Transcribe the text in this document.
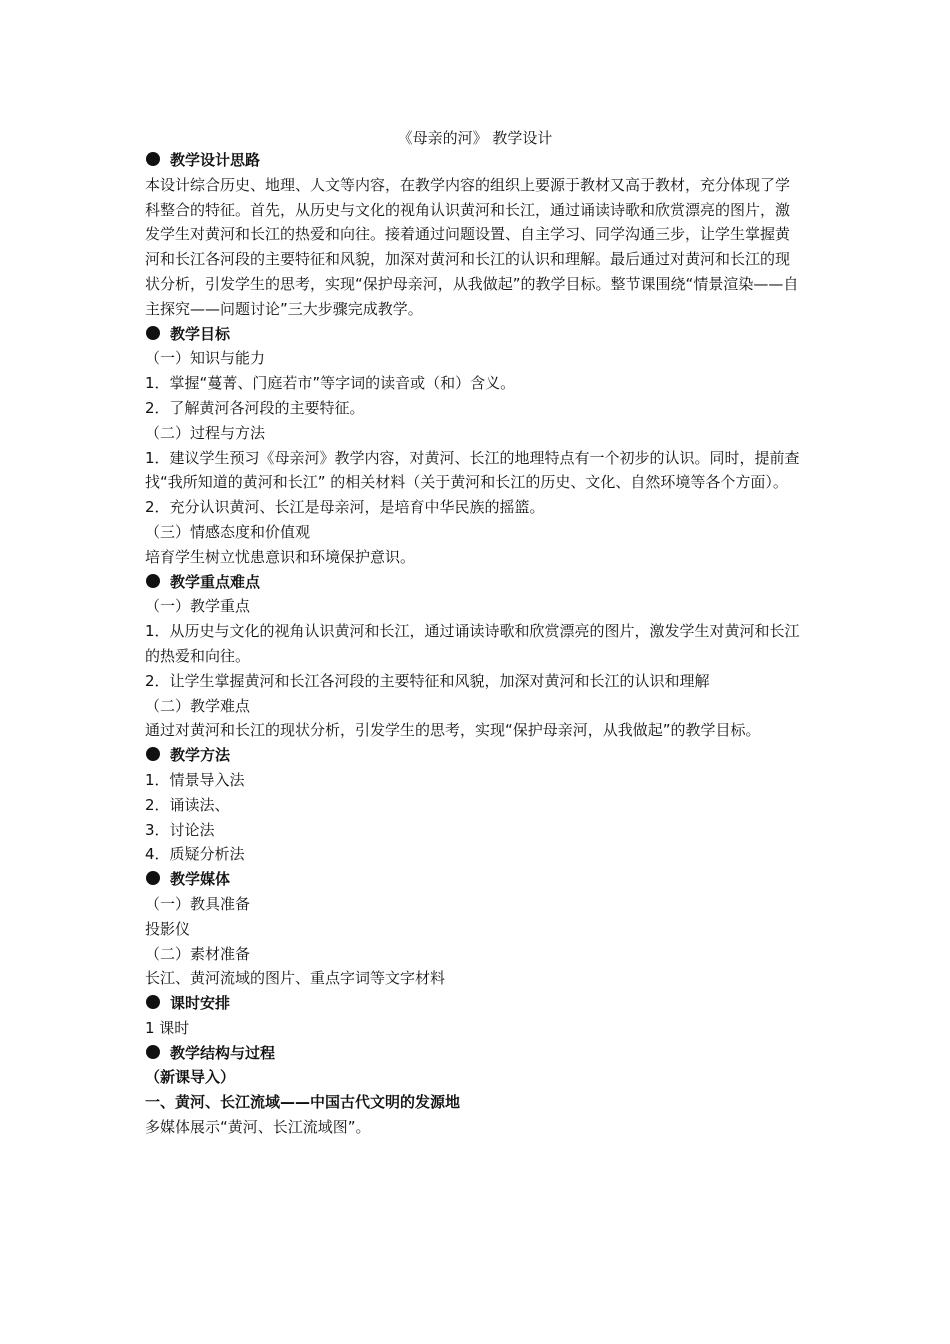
《母亲的河》 教学设计
教学设计思路
本设计综合历史、地理、人文等内容，在教学内容的组织上要源于教材又高于教材，充分体现了学科整合的特征。首先，从历史与文化的视角认识黄河和长江，通过诵读诗歌和欣赏漂亮的图片，激发学生对黄河和长江的热爱和向往。接着通过问题设置、自主学习、同学沟通三步，让学生掌握黄河和长江各河段的主要特征和风貌，加深对黄河和长江的认识和理解。最后通过对黄河和长江的现状分析，引发学生的思考，实现“保护母亲河，从我做起”的教学目标。整节课围绕“情景渲染——自主探究——问题讨论”三大步骤完成教学。
教学目标
（一）知识与能力
1．掌握“蔓菁、门庭若市”等字词的读音或（和）含义。
2．了解黄河各河段的主要特征。
（二）过程与方法
1．建议学生预习《母亲河》教学内容，对黄河、长江的地理特点有一个初步的认识。同时，提前查找“我所知道的黄河和长江” 的相关材料（关于黄河和长江的历史、文化、自然环境等各个方面）。
2．充分认识黄河、长江是母亲河，是培育中华民族的摇篮。
（三）情感态度和价值观
培育学生树立忧患意识和环境保护意识。
教学重点难点
（一）教学重点
1．从历史与文化的视角认识黄河和长江，通过诵读诗歌和欣赏漂亮的图片，激发学生对黄河和长江的热爱和向往。
2．让学生掌握黄河和长江各河段的主要特征和风貌，加深对黄河和长江的认识和理解
（二）教学难点
通过对黄河和长江的现状分析，引发学生的思考，实现“保护母亲河，从我做起”的教学目标。
教学方法
1．情景导入法
2．诵读法、
3．讨论法
4．质疑分析法
教学媒体
（一）教具准备
投影仪
（二）素材准备
长江、黄河流域的图片、重点字词等文字材料
课时安排
1 课时
教学结构与过程
（新课导入）
一、黄河、长江流域——中国古代文明的发源地
多媒体展示“黄河、长江流域图”。
